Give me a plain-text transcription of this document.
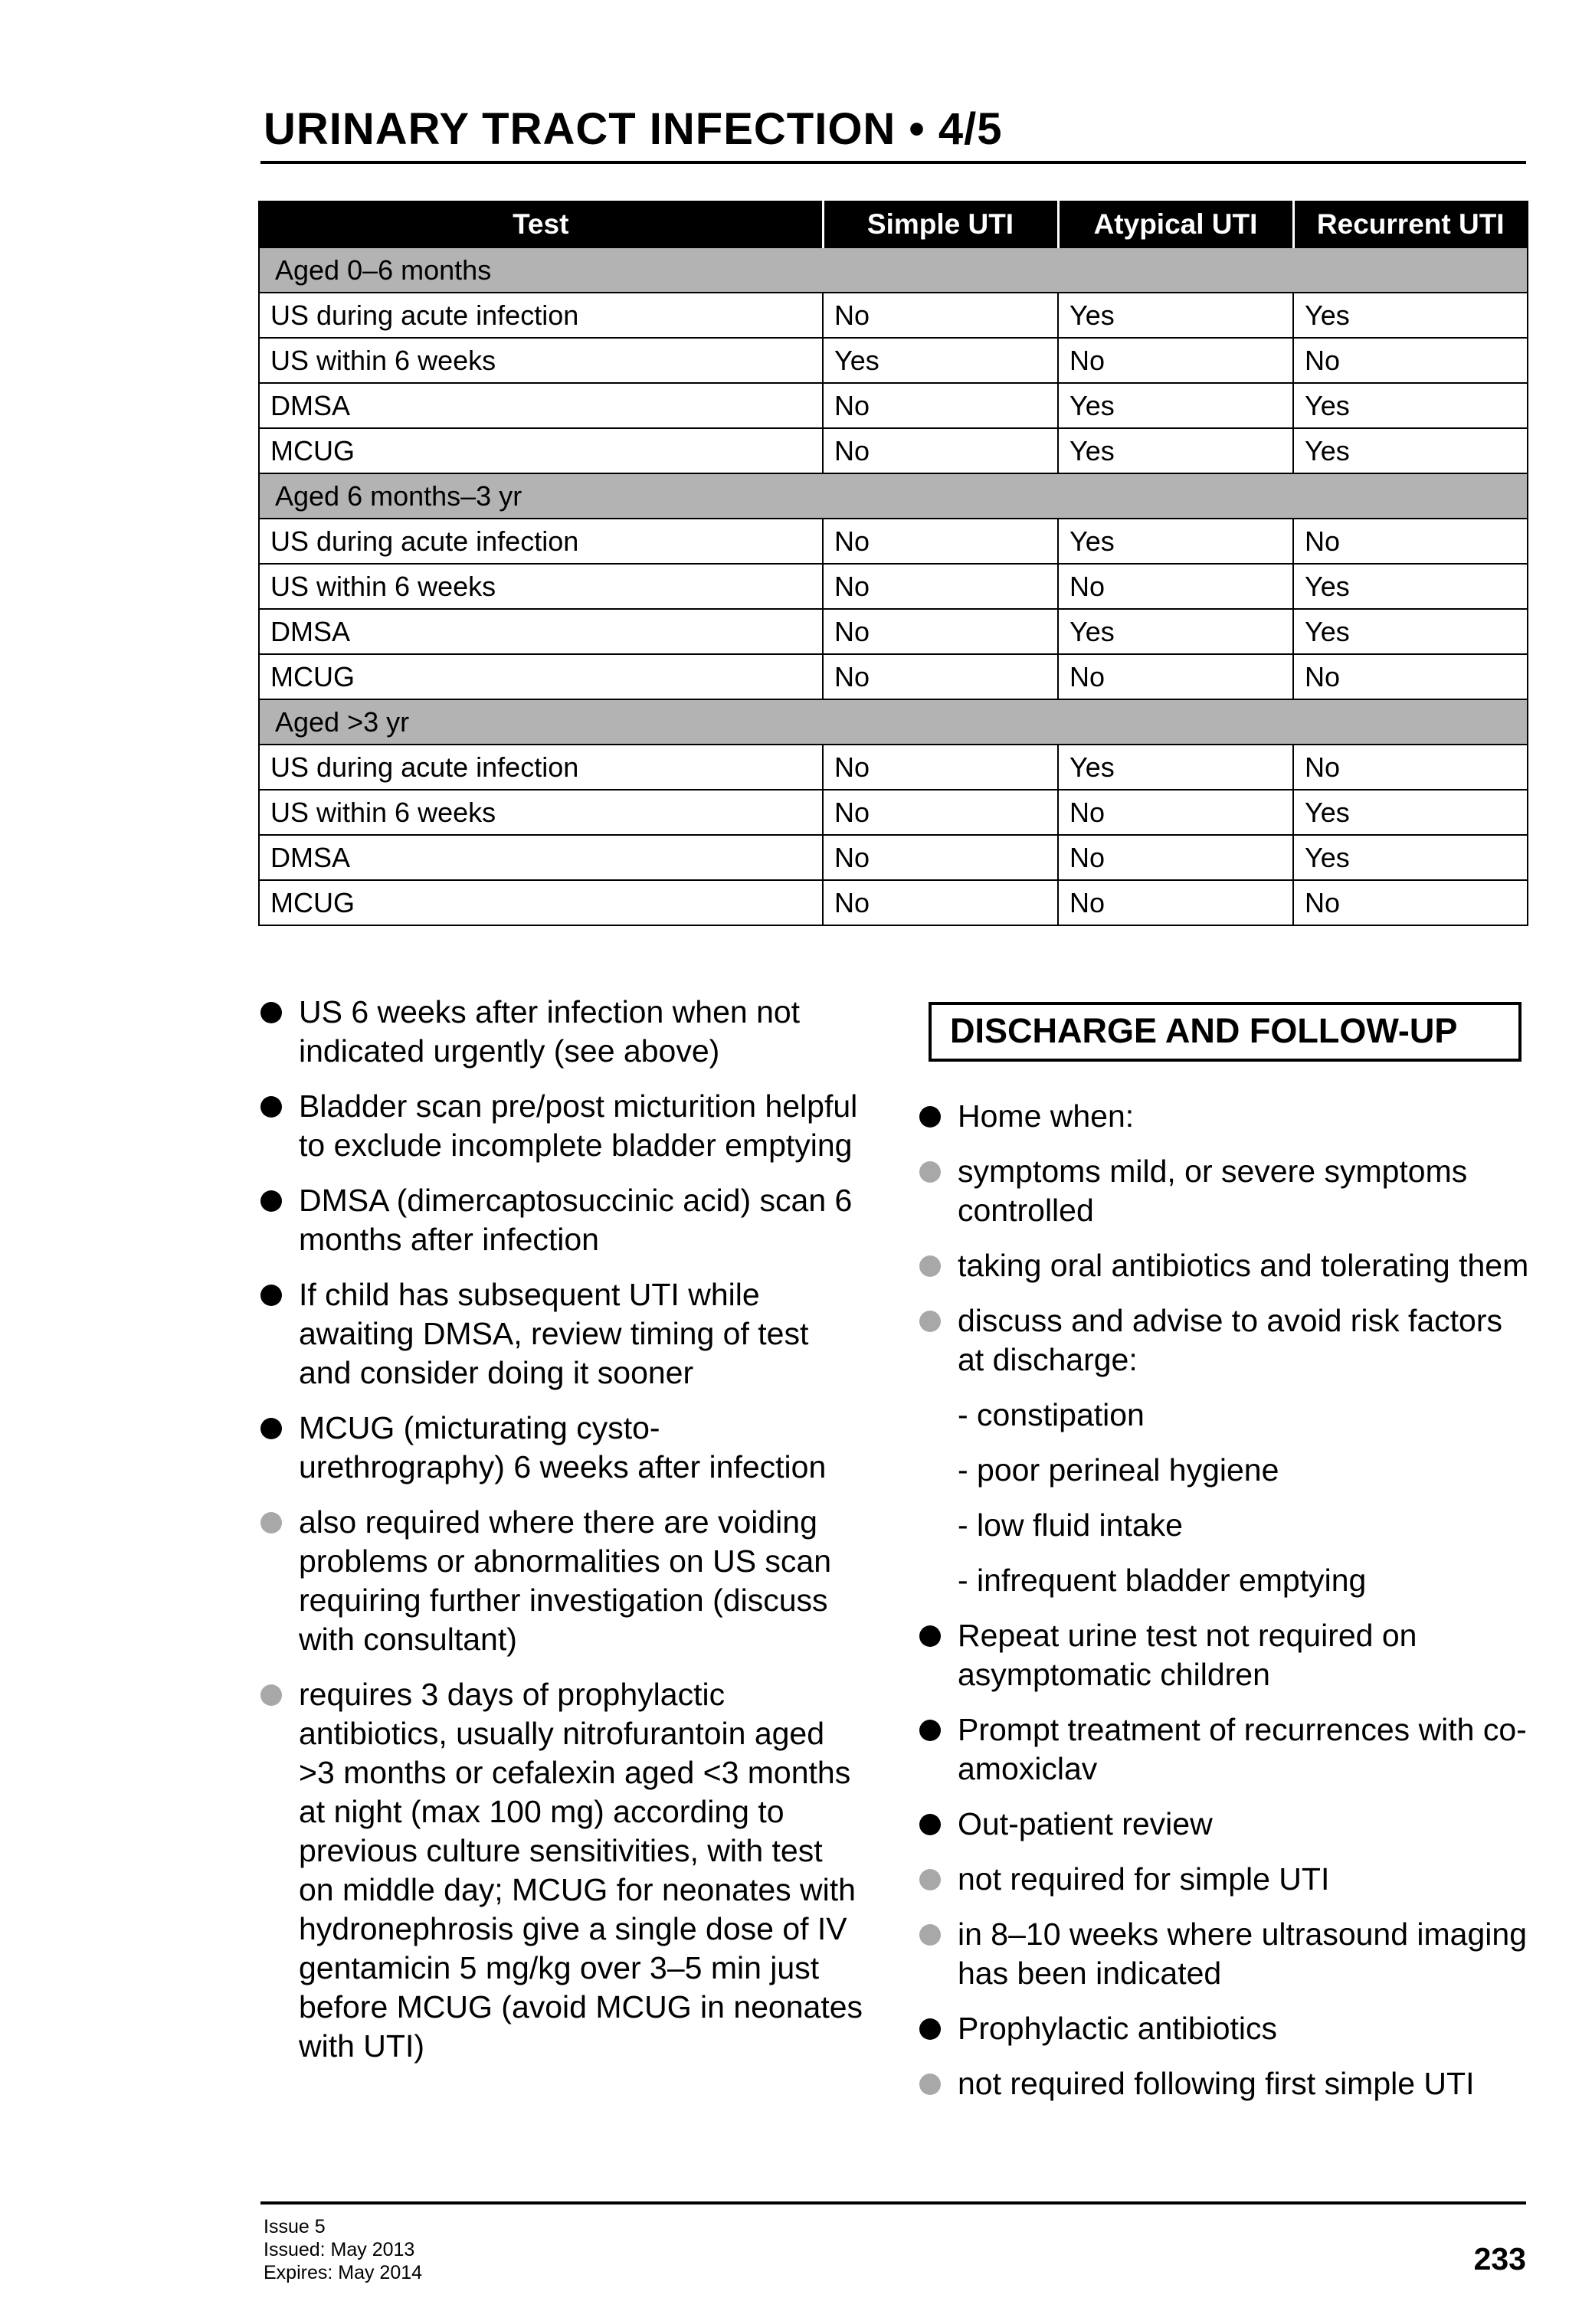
URINARY TRACT INFECTION • 4/5
Test	Simple UTI	Atypical UTI	Recurrent UTI
Aged 0–6 months			
US during acute infection	No	Yes	Yes
US within 6 weeks	Yes	No	No
DMSA	No	Yes	Yes
MCUG	No	Yes	Yes
Aged 6 months–3 yr			
US during acute infection	No	Yes	No
US within 6 weeks	No	No	Yes
DMSA	No	Yes	Yes
MCUG	No	No	No
Aged >3 yr			
US during acute infection	No	Yes	No
US within 6 weeks	No	No	Yes
DMSA	No	No	Yes
MCUG	No	No	No
US 6 weeks after infection when not indicated urgently (see above)
Bladder scan pre/post micturition helpful to exclude incomplete bladder emptying
DMSA (dimercaptosuccinic acid) scan 6 months after infection
If child has subsequent UTI while awaiting DMSA, review timing of test and consider doing it sooner
MCUG (micturating cysto-urethrography) 6 weeks after infection
also required where there are voiding problems or abnormalities on US scan requiring further investigation (discuss with consultant)
requires 3 days of prophylactic antibiotics, usually nitrofurantoin aged >3 months or cefalexin aged <3 months at night (max 100 mg) according to previous culture sensitivities, with test on middle day; MCUG for neonates with hydronephrosis give a single dose of IV gentamicin 5 mg/kg over 3–5 min just before MCUG (avoid MCUG in neonates with UTI)
DISCHARGE AND FOLLOW-UP
Home when:
symptoms mild, or severe symptoms controlled
taking oral antibiotics and tolerating them
discuss and advise to avoid risk factors at discharge:
- constipation
- poor perineal hygiene
- low fluid intake
- infrequent bladder emptying
Repeat urine test not required on asymptomatic children
Prompt treatment of recurrences with co-amoxiclav
Out-patient review
not required for simple UTI
in 8–10 weeks where ultrasound imaging has been indicated
Prophylactic antibiotics
not required following first simple UTI
Issue 5
Issued: May 2013
Expires: May 2014	233
